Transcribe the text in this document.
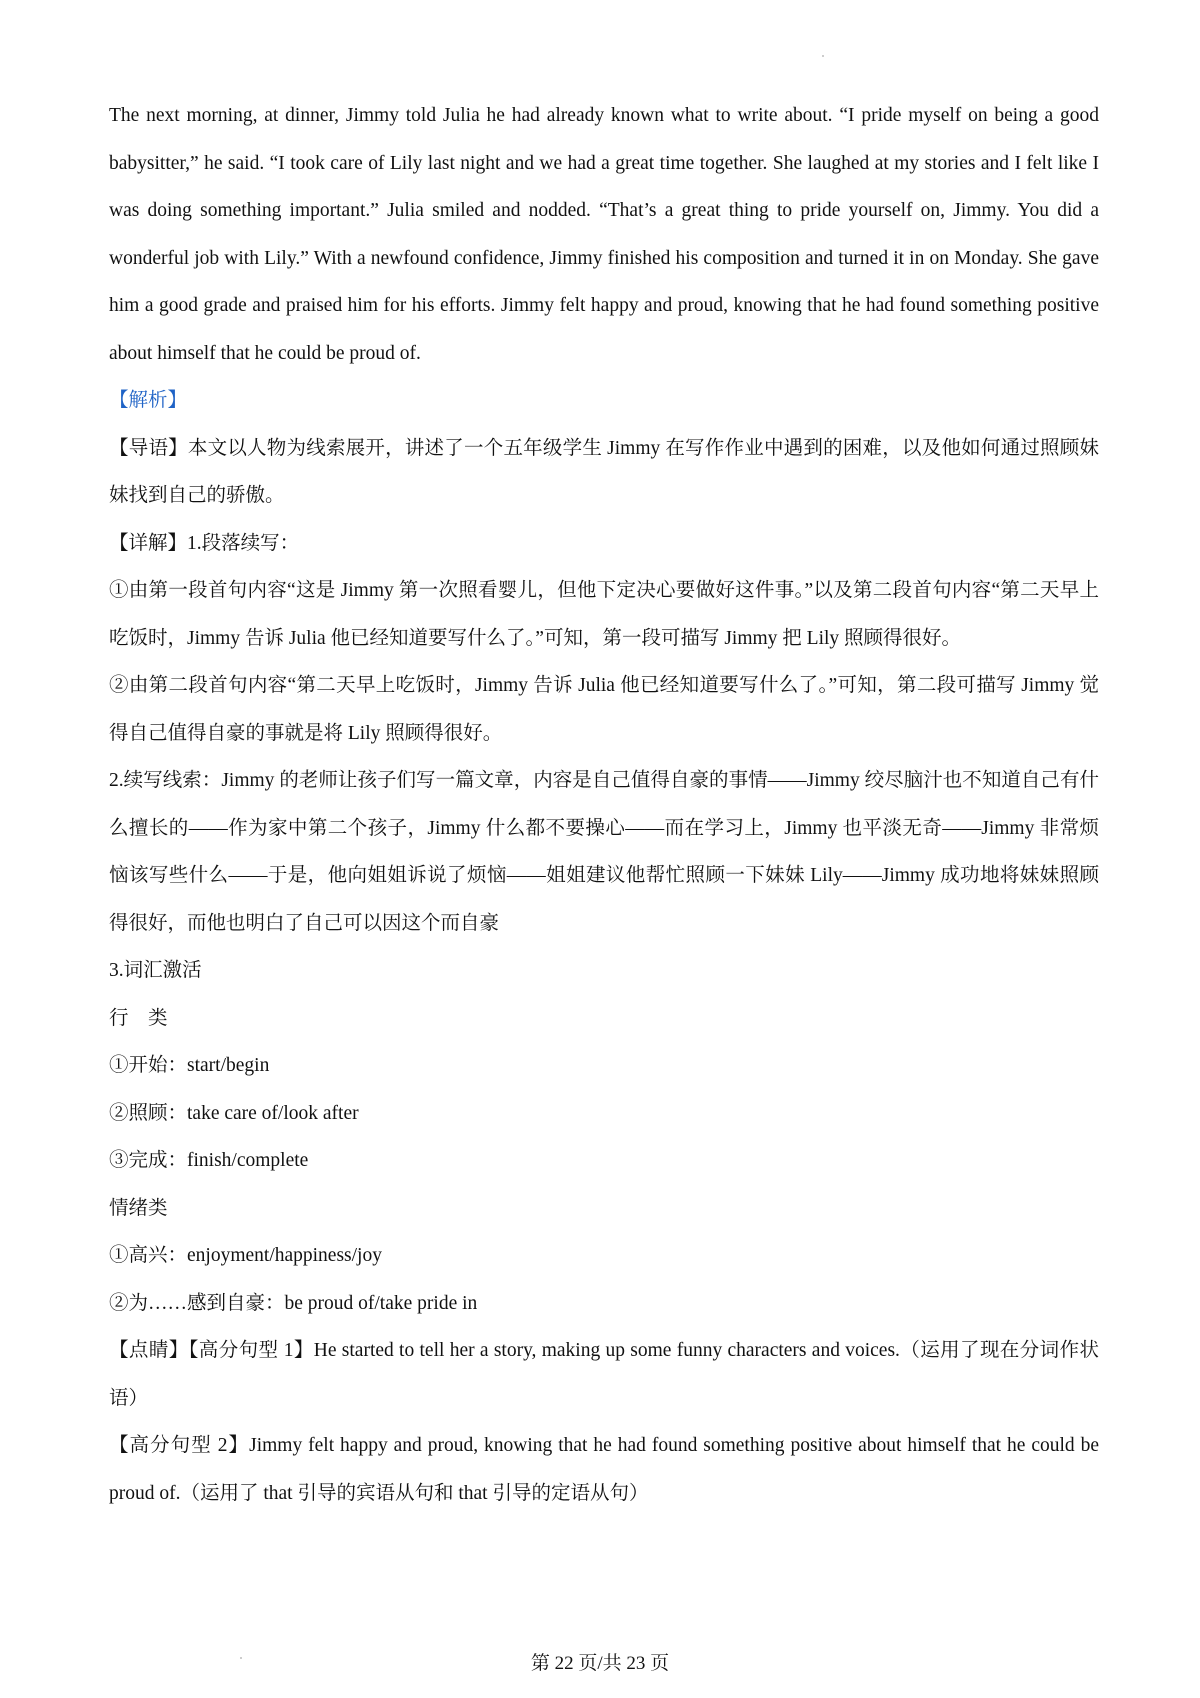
The next morning, at dinner, Jimmy told Julia he had already known what to write about. “I pride myself on being a good babysitter,” he said. “I took care of Lily last night and we had a great time together. She laughed at my stories and I felt like I was doing something important.” Julia smiled and nodded. “That’s a great thing to pride yourself on, Jimmy. You did a wonderful job with Lily.” With a newfound confidence, Jimmy finished his composition and turned it in on Monday. She gave him a good grade and praised him for his efforts. Jimmy felt happy and proud, knowing that he had found something positive about himself that he could be proud of.

【解析】

【导语】本文以人物为线索展开，讲述了一个五年级学生 Jimmy 在写作作业中遇到的困难，以及他如何通过照顾妹妹找到自己的骄傲。

【详解】1.段落续写：

①由第一段首句内容“这是 Jimmy 第一次照看婴儿，但他下定决心要做好这件事。”以及第二段首句内容“第二天早上吃饭时，Jimmy 告诉 Julia 他已经知道要写什么了。”可知，第一段可描写 Jimmy 把 Lily 照顾得很好。

②由第二段首句内容“第二天早上吃饭时，Jimmy 告诉 Julia 他已经知道要写什么了。”可知，第二段可描写 Jimmy 觉得自己值得自豪的事就是将 Lily 照顾得很好。

2.续写线索：Jimmy 的老师让孩子们写一篇文章，内容是自己值得自豪的事情——Jimmy 绞尽脑汁也不知道自己有什么擅长的——作为家中第二个孩子，Jimmy 什么都不要操心——而在学习上，Jimmy 也平淡无奇——Jimmy 非常烦恼该写些什么——于是，他向姐姐诉说了烦恼——姐姐建议他帮忙照顾一下妹妹 Lily——Jimmy 成功地将妹妹照顾得很好，而他也明白了自己可以因这个而自豪

3.词汇激活

行　类

①开始：start/begin

②照顾：take care of/look after

③完成：finish/complete

情绪类

①高兴：enjoyment/happiness/joy

②为……感到自豪：be proud of/take pride in

【点睛】【高分句型 1】He started to tell her a story, making up some funny characters and voices.（运用了现在分词作状语）

【高分句型 2】Jimmy felt happy and proud, knowing that he had found something positive about himself that he could be proud of.（运用了 that 引导的宾语从句和 that 引导的定语从句）

第 22 页/共 23 页
